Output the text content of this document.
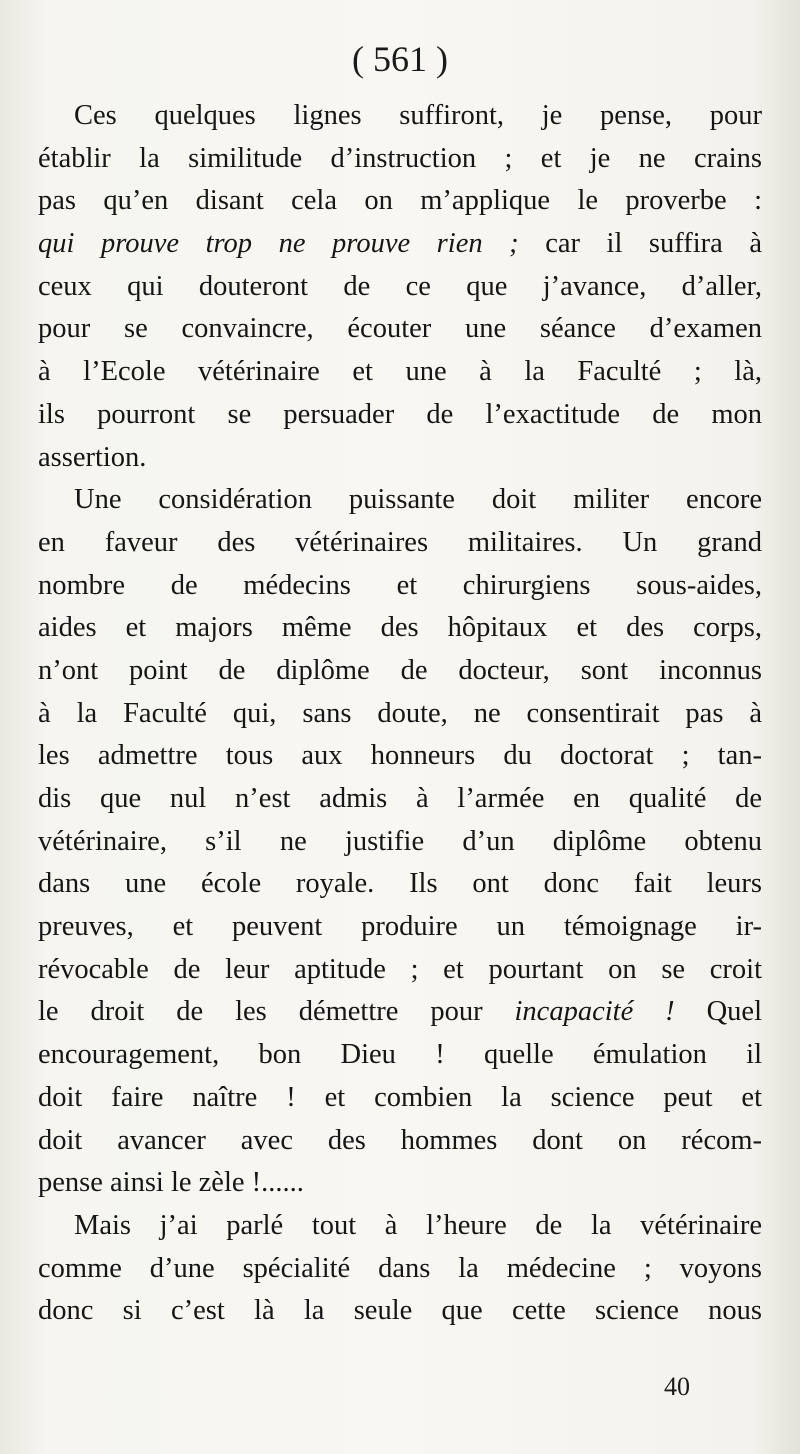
( 561 )
Ces quelques lignes suffiront, je pense, pour
établir la similitude d’instruction ; et je ne crains
pas qu’en disant cela on m’applique le proverbe :
qui prouve trop ne prouve rien ; car il suffira à
ceux qui douteront de ce que j’avance, d’aller,
pour se convaincre, écouter une séance d’examen
à l’Ecole vétérinaire et une à la Faculté ; là,
ils pourront se persuader de l’exactitude de mon
assertion.
Une considération puissante doit militer encore
en faveur des vétérinaires militaires. Un grand
nombre de médecins et chirurgiens sous-aides,
aides et majors même des hôpitaux et des corps,
n’ont point de diplôme de docteur, sont inconnus
à la Faculté qui, sans doute, ne consentirait pas à
les admettre tous aux honneurs du doctorat ; tan-
dis que nul n’est admis à l’armée en qualité de
vétérinaire, s’il ne justifie d’un diplôme obtenu
dans une école royale. Ils ont donc fait leurs
preuves, et peuvent produire un témoignage ir-
révocable de leur aptitude ; et pourtant on se croit
le droit de les démettre pour incapacité ! Quel
encouragement, bon Dieu ! quelle émulation il
doit faire naître ! et combien la science peut et
doit avancer avec des hommes dont on récom-
pense ainsi le zèle !......
Mais j’ai parlé tout à l’heure de la vétérinaire
comme d’une spécialité dans la médecine ; voyons
donc si c’est là la seule que cette science nous
40
